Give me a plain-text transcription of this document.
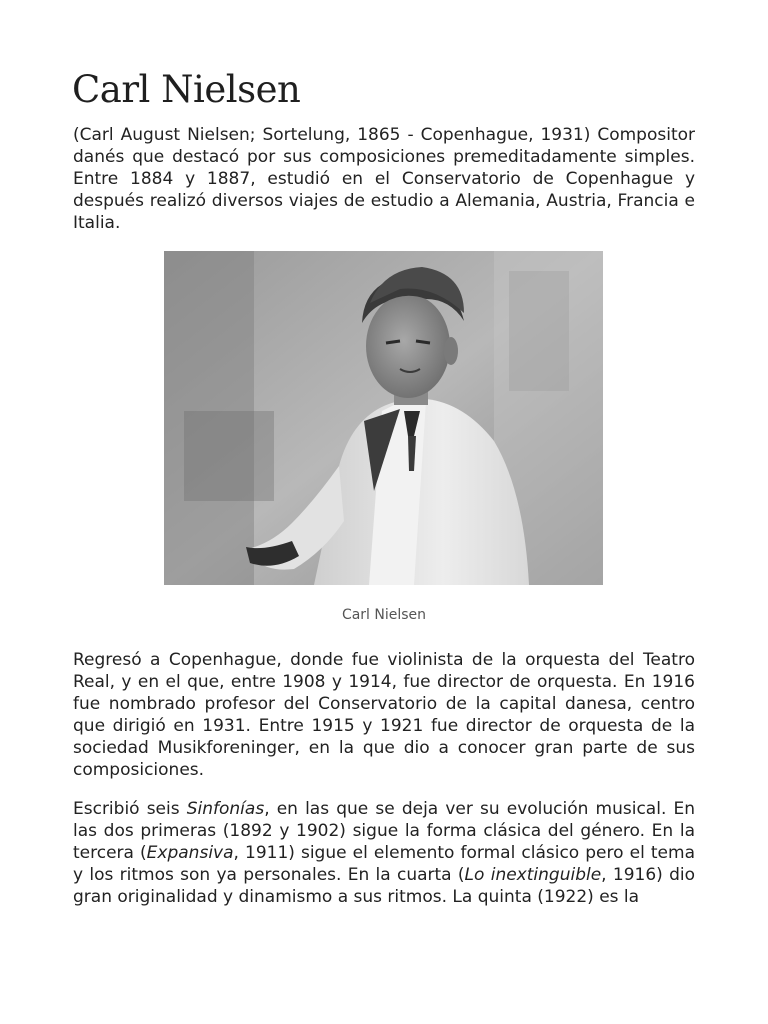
Carl Nielsen

(Carl August Nielsen; Sortelung, 1865 - Copenhague, 1931) Compositor danés que destacó por sus composiciones premeditadamente simples. Entre 1884 y 1887, estudió en el Conservatorio de Copenhague y después realizó diversos viajes de estudio a Alemania, Austria, Francia e Italia.

Carl Nielsen

Regresó a Copenhague, donde fue violinista de la orquesta del Teatro Real, y en el que, entre 1908 y 1914, fue director de orquesta. En 1916 fue nombrado profesor del Conservatorio de la capital danesa, centro que dirigió en 1931. Entre 1915 y 1921 fue director de orquesta de la sociedad Musikforeninger, en la que dio a conocer gran parte de sus composiciones.

Escribió seis Sinfonías, en las que se deja ver su evolución musical. En las dos primeras (1892 y 1902) sigue la forma clásica del género. En la tercera (Expansiva, 1911) sigue el elemento formal clásico pero el tema y los ritmos son ya personales. En la cuarta (Lo inextinguible, 1916) dio gran originalidad y dinamismo a sus ritmos. La quinta (1922) es la
